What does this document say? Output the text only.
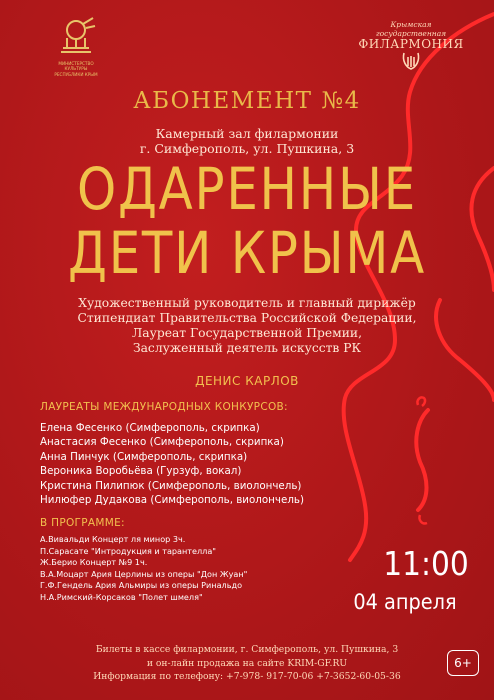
МИНИСТЕРСТВО КУЛЬТУРЫ
РЕСПУБЛИКИ КРЫМ
Крымская государственная
ФИЛАРМОНИЯ
АБОНЕМЕНТ №4
Камерный зал филармонии
г. Симферополь, ул. Пушкина, 3
ОДАРЕННЫЕ
ДЕТИ КРЫМА
Художественный руководитель и главный дирижёр
Стипендиат Правительства Российской Федерации,
Лауреат Государственной Премии,
Заслуженный деятель искусств РК
ДЕНИС КАРЛОВ
ЛАУРЕАТЫ МЕЖДУНАРОДНЫХ КОНКУРСОВ:
Елена Фесенко (Симферополь, скрипка)
Анастасия Фесенко (Симферополь, скрипка)
Анна Пинчук (Симферополь, скрипка)
Вероника Воробьёва (Гурзуф, вокал)
Кристина Пилипюк (Симферополь, виолончель)
Нилюфер Дудакова (Симферополь, виолончель)
В ПРОГРАММЕ:
А.Вивальди Концерт ля минор 3ч.
П.Сарасате "Интродукция и тарантелла"
Ж.Берио Концерт №9 1ч.
В.А.Моцарт Ария Церлины из оперы "Дон Жуан"
Г.Ф.Гендель Ария Альмиры из оперы Ринальдо
Н.А.Римский-Корсаков "Полет шмеля"
11:00
04 апреля
Билеты в кассе филармонии, г. Симферополь, ул. Пушкина, 3
и он-лайн продажа на сайте KRIM-GF.RU
Информация по телефону: +7-978- 917-70-06 +7-3652-60-05-36
6+
